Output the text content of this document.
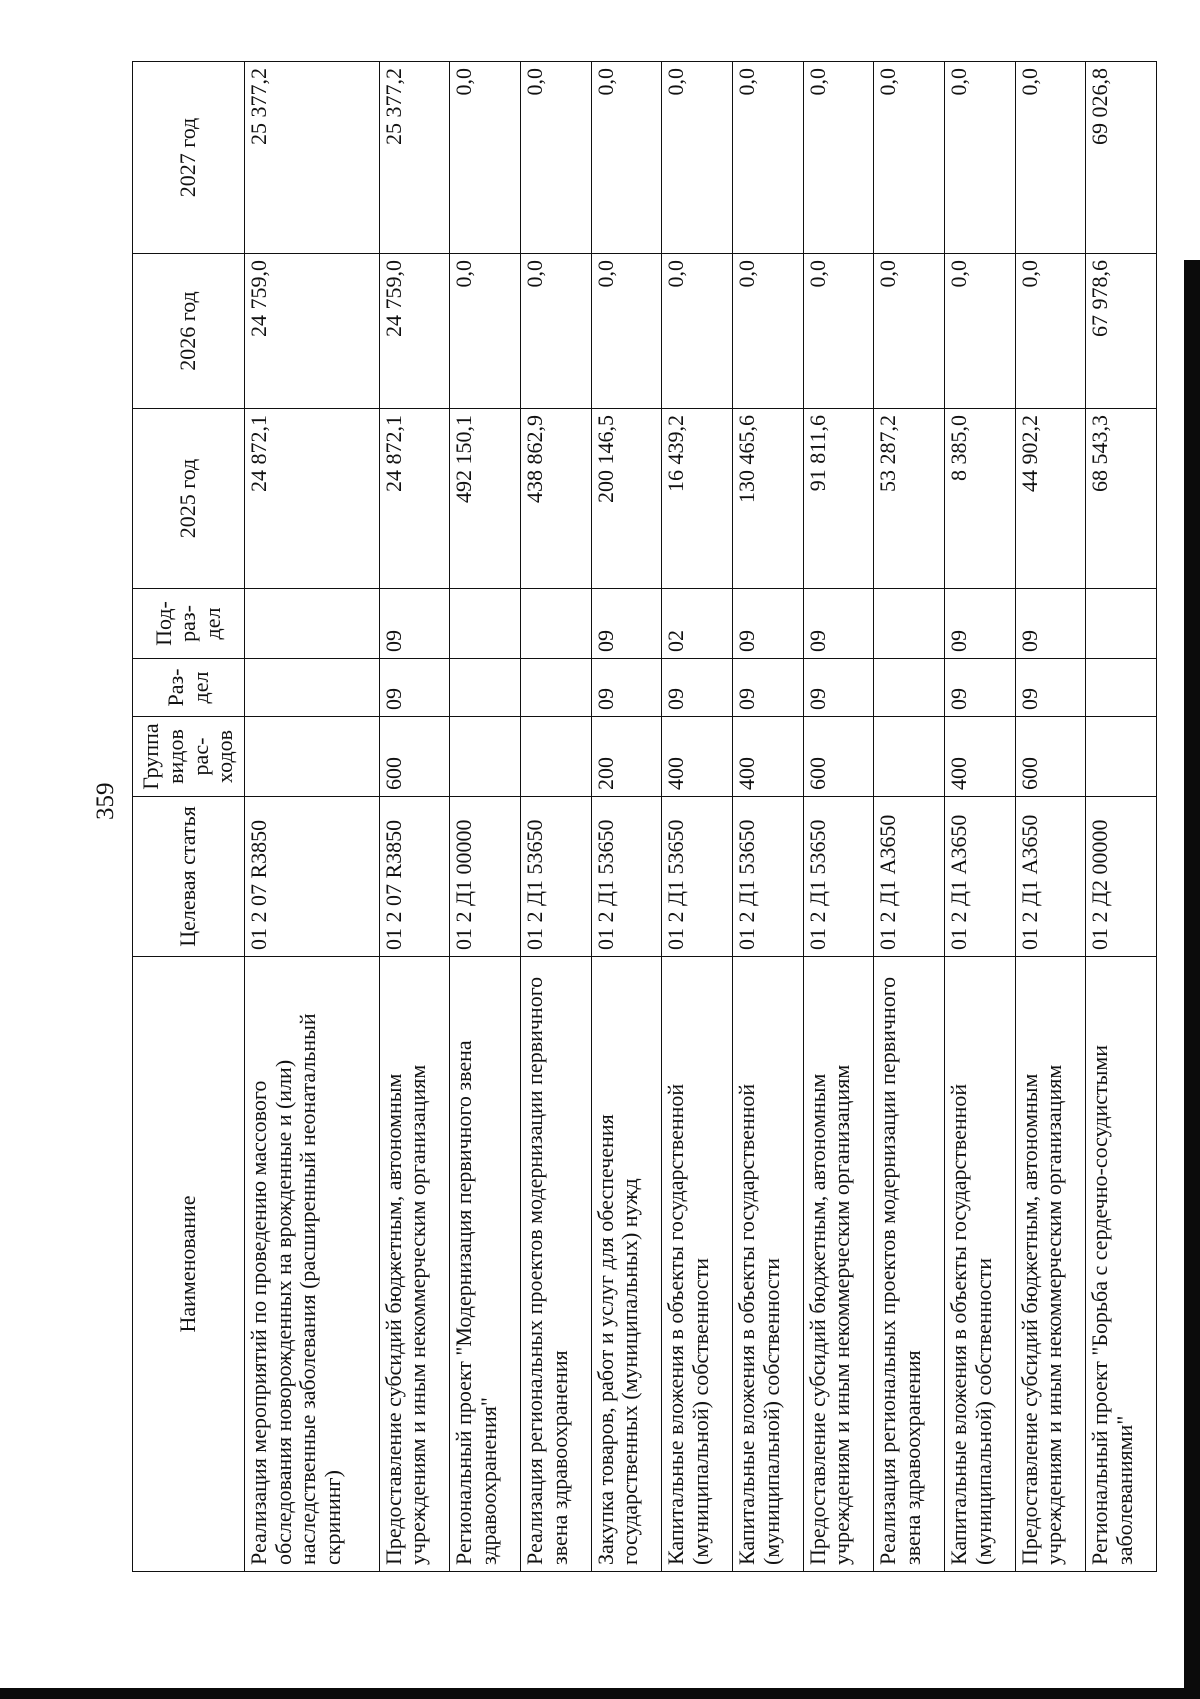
359
Наименование	Целевая статья	Группа видов рас-ходов	Раз-дел	Под-раз-дел	2025 год	2026 год	2027 год
Реализация мероприятий по проведению массового обследования новорожденных на врожденные и (или) наследственные заболевания (расширенный неонатальный скрининг)	01 2 07 R3850				24 872,1	24 759,0	25 377,2
Предоставление субсидий бюджетным, автономным учреждениям и иным некоммерческим организациям	01 2 07 R3850	600	09	09	24 872,1	24 759,0	25 377,2
Региональный проект "Модернизация первичного звена здравоохранения"	01 2 Д1 00000				492 150,1	0,0	0,0
Реализация региональных проектов модернизации первичного звена здравоохранения	01 2 Д1 53650				438 862,9	0,0	0,0
Закупка товаров, работ и услуг для обеспечения государственных (муниципальных) нужд	01 2 Д1 53650	200	09	09	200 146,5	0,0	0,0
Капитальные вложения в объекты государственной (муниципальной) собственности	01 2 Д1 53650	400	09	02	16 439,2	0,0	0,0
Капитальные вложения в объекты государственной (муниципальной) собственности	01 2 Д1 53650	400	09	09	130 465,6	0,0	0,0
Предоставление субсидий бюджетным, автономным учреждениям и иным некоммерческим организациям	01 2 Д1 53650	600	09	09	91 811,6	0,0	0,0
Реализация региональных проектов модернизации первичного звена здравоохранения	01 2 Д1 А3650				53 287,2	0,0	0,0
Капитальные вложения в объекты государственной (муниципальной) собственности	01 2 Д1 А3650	400	09	09	8 385,0	0,0	0,0
Предоставление субсидий бюджетным, автономным учреждениям и иным некоммерческим организациям	01 2 Д1 А3650	600	09	09	44 902,2	0,0	0,0
Региональный проект "Борьба с сердечно-сосудистыми заболеваниями"	01 2 Д2 00000				68 543,3	67 978,6	69 026,8
